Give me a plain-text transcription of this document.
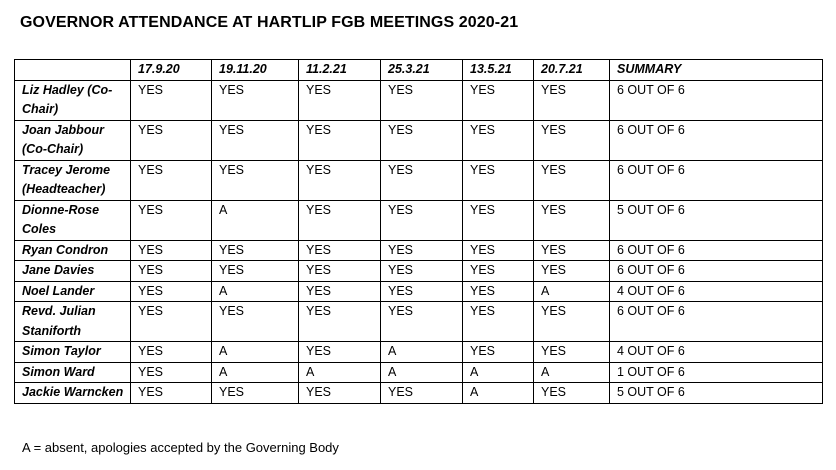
GOVERNOR ATTENDANCE AT HARTLIP FGB MEETINGS 2020-21
	17.9.20	19.11.20	11.2.21	25.3.21	13.5.21	20.7.21	SUMMARY
Liz Hadley (Co-Chair)	YES	YES	YES	YES	YES	YES	6 OUT OF 6
Joan Jabbour (Co-Chair)	YES	YES	YES	YES	YES	YES	6 OUT OF 6
Tracey Jerome (Headteacher)	YES	YES	YES	YES	YES	YES	6 OUT OF 6
Dionne-Rose Coles	YES	A	YES	YES	YES	YES	5 OUT OF 6
Ryan Condron	YES	YES	YES	YES	YES	YES	6 OUT OF 6
Jane Davies	YES	YES	YES	YES	YES	YES	6 OUT OF 6
Noel Lander	YES	A	YES	YES	YES	A	4 OUT OF 6
Revd. Julian Staniforth	YES	YES	YES	YES	YES	YES	6 OUT OF 6
Simon Taylor	YES	A	YES	A	YES	YES	4 OUT OF 6
Simon Ward	YES	A	A	A	A	A	1 OUT OF 6
Jackie Warncken	YES	YES	YES	YES	A	YES	5 OUT OF 6
A = absent, apologies accepted by the Governing Body
